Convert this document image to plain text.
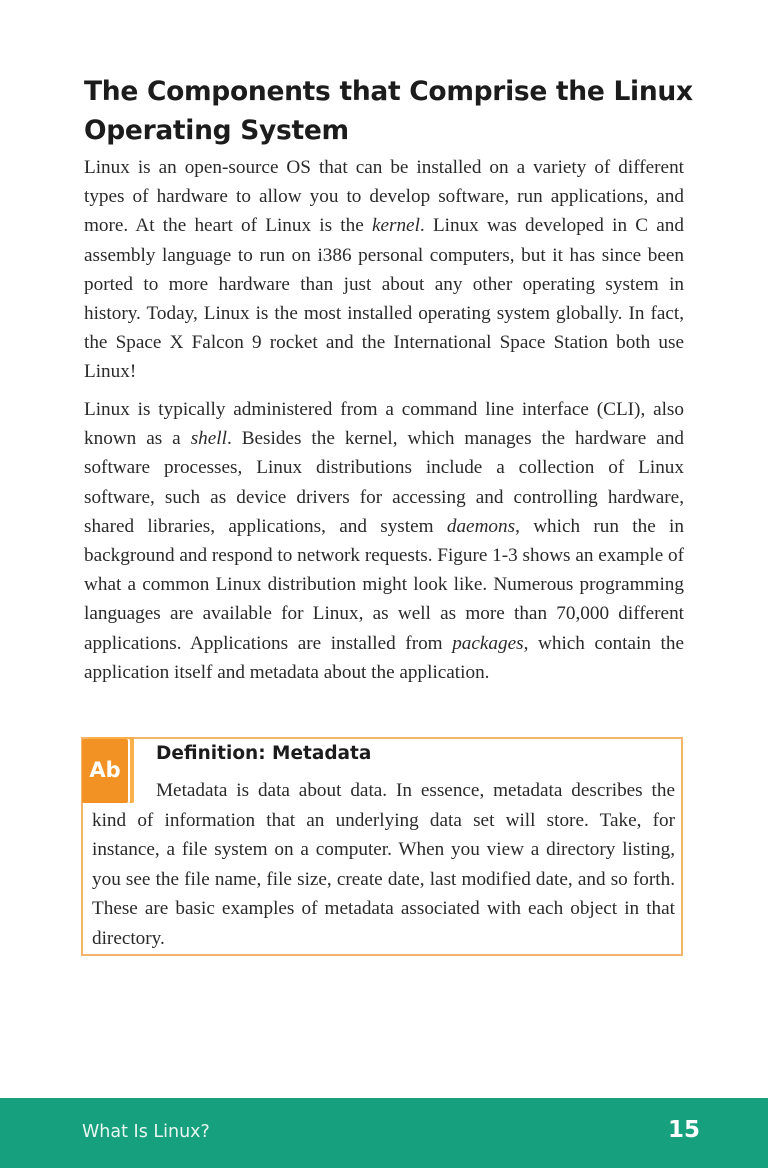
The Components that Comprise the Linux Operating System

Linux is an open-source OS that can be installed on a variety of different types of hardware to allow you to develop software, run applications, and more. At the heart of Linux is the kernel. Linux was developed in C and assembly language to run on i386 personal computers, but it has since been ported to more hardware than just about any other operating system in history. Today, Linux is the most installed operating system globally. In fact, the Space X Falcon 9 rocket and the International Space Station both use Linux!

Linux is typically administered from a command line interface (CLI), also known as a shell. Besides the kernel, which manages the hardware and software processes, Linux distributions include a collection of Linux software, such as device drivers for accessing and controlling hardware, shared libraries, applications, and system daemons, which run the in background and respond to network requests. Figure 1-3 shows an example of what a common Linux distribution might look like. Numerous programming languages are available for Linux, as well as more than 70,000 different applications. Applications are installed from packages, which contain the application itself and metadata about the application.

Ab
Definition: Metadata

Metadata is data about data. In essence, metadata describes the kind of information that an underlying data set will store. Take, for instance, a file system on a computer. When you view a directory listing, you see the file name, file size, create date, last modified date, and so forth. These are basic examples of metadata associated with each object in that directory.

What Is Linux?	15
